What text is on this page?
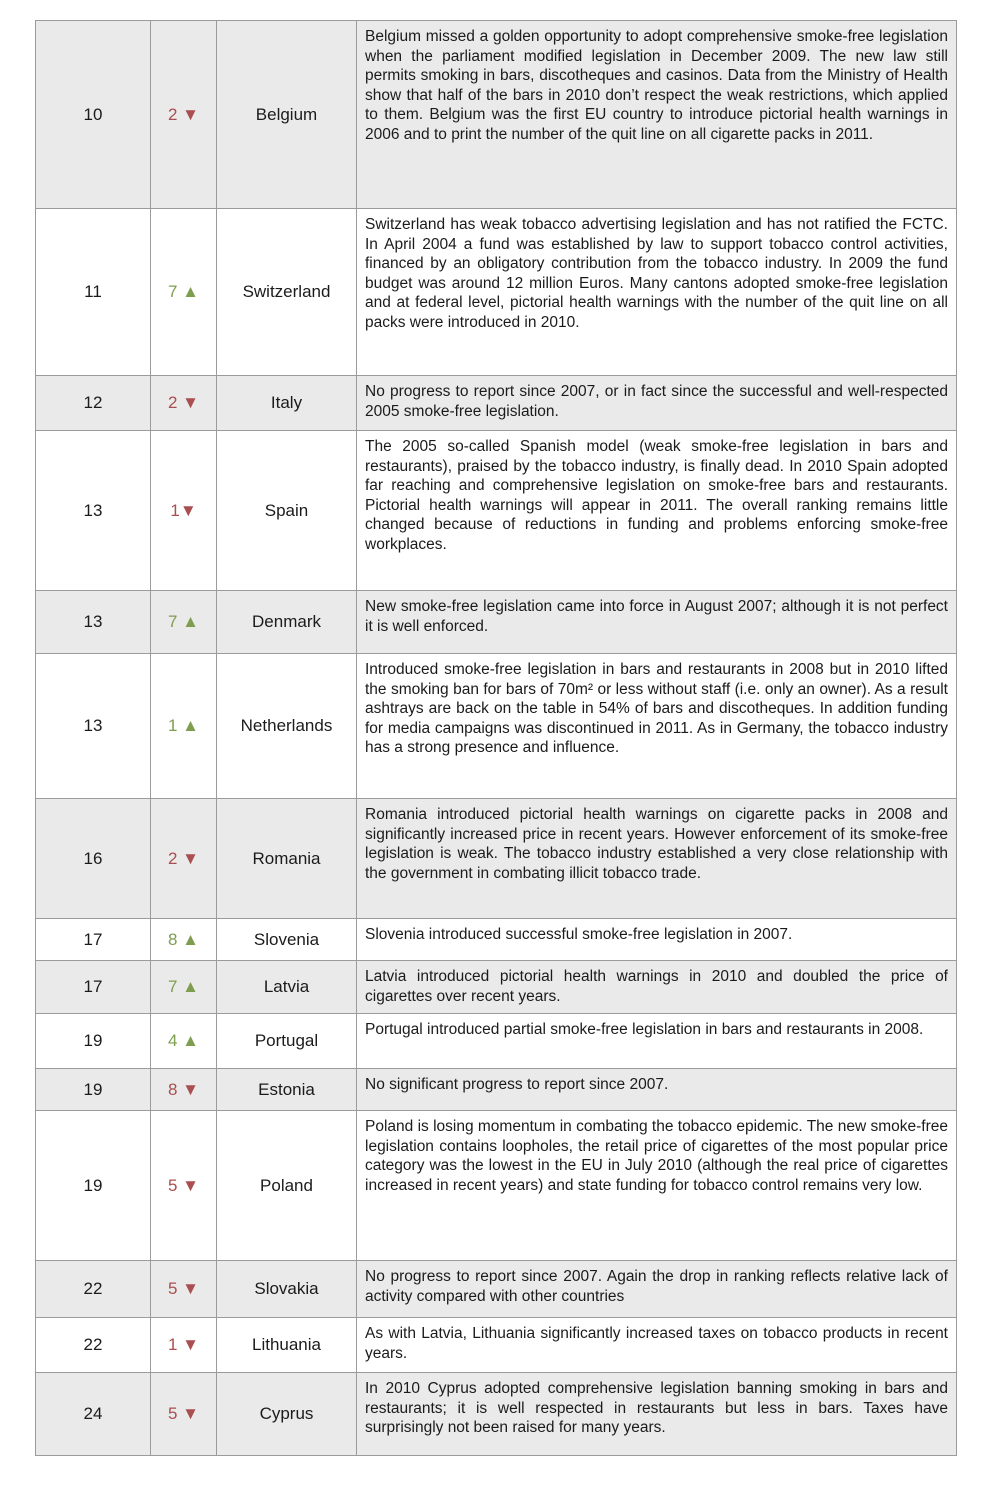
10	2 ▼	Belgium	Belgium missed a golden opportunity to adopt comprehensive smoke-free legislation when the parliament modified legislation in December 2009. The new law still permits smoking in bars, discotheques and casinos. Data from the Ministry of Health show that half of the bars in 2010 don’t respect the weak restrictions, which applied to them. Belgium was the first EU country to introduce pictorial health warnings in 2006 and to print the number of the quit line on all cigarette packs in 2011.
11	7 ▲	Switzerland	Switzerland has weak tobacco advertising legislation and has not ratified the FCTC. In April 2004 a fund was established by law to support tobacco control activities, financed by an obligatory contribution from the tobacco industry. In 2009 the fund budget was around 12 million Euros. Many cantons adopted smoke-free legislation and at federal level, pictorial health warnings with the number of the quit line on all packs were introduced in 2010.
12	2 ▼	Italy	No progress to report since 2007, or in fact since the successful and well-respected 2005 smoke-free legislation.
13	1▼	Spain	The 2005 so-called Spanish model (weak smoke-free legislation in bars and restaurants), praised by the tobacco industry, is finally dead. In 2010 Spain adopted far reaching and comprehensive legislation on smoke-free bars and restaurants. Pictorial health warnings will appear in 2011. The overall ranking remains little changed because of reductions in funding and problems enforcing smoke-free workplaces.
13	7 ▲	Denmark	New smoke-free legislation came into force in August 2007; although it is not perfect it is well enforced.
13	1 ▲	Netherlands	Introduced smoke-free legislation in bars and restaurants in 2008 but in 2010 lifted the smoking ban for bars of 70m² or less without staff (i.e. only an owner). As a result ashtrays are back on the table in 54% of bars and discotheques. In addition funding for media campaigns was discontinued in 2011. As in Germany, the tobacco industry has a strong presence and influence.
16	2 ▼	Romania	Romania introduced pictorial health warnings on cigarette packs in 2008 and significantly increased price in recent years. However enforcement of its smoke-free legislation is weak. The tobacco industry established a very close relationship with the government in combating illicit tobacco trade.
17	8 ▲	Slovenia	Slovenia introduced successful smoke-free legislation in 2007.
17	7 ▲	Latvia	Latvia introduced pictorial health warnings in 2010 and doubled the price of cigarettes over recent years.
19	4 ▲	Portugal	Portugal introduced partial smoke-free legislation in bars and restaurants in 2008.
19	8 ▼	Estonia	No significant progress to report since 2007.
19	5 ▼	Poland	Poland is losing momentum in combating the tobacco epidemic. The new smoke-free legislation contains loopholes, the retail price of cigarettes of the most popular price category was the lowest in the EU in July 2010 (although the real price of cigarettes increased in recent years) and state funding for tobacco control remains very low.
22	5 ▼	Slovakia	No progress to report since 2007. Again the drop in ranking reflects relative lack of activity compared with other countries
22	1 ▼	Lithuania	As with Latvia, Lithuania significantly increased taxes on tobacco products in recent years.
24	5 ▼	Cyprus	In 2010 Cyprus adopted comprehensive legislation banning smoking in bars and restaurants; it is well respected in restaurants but less in bars. Taxes have surprisingly not been raised for many years.
